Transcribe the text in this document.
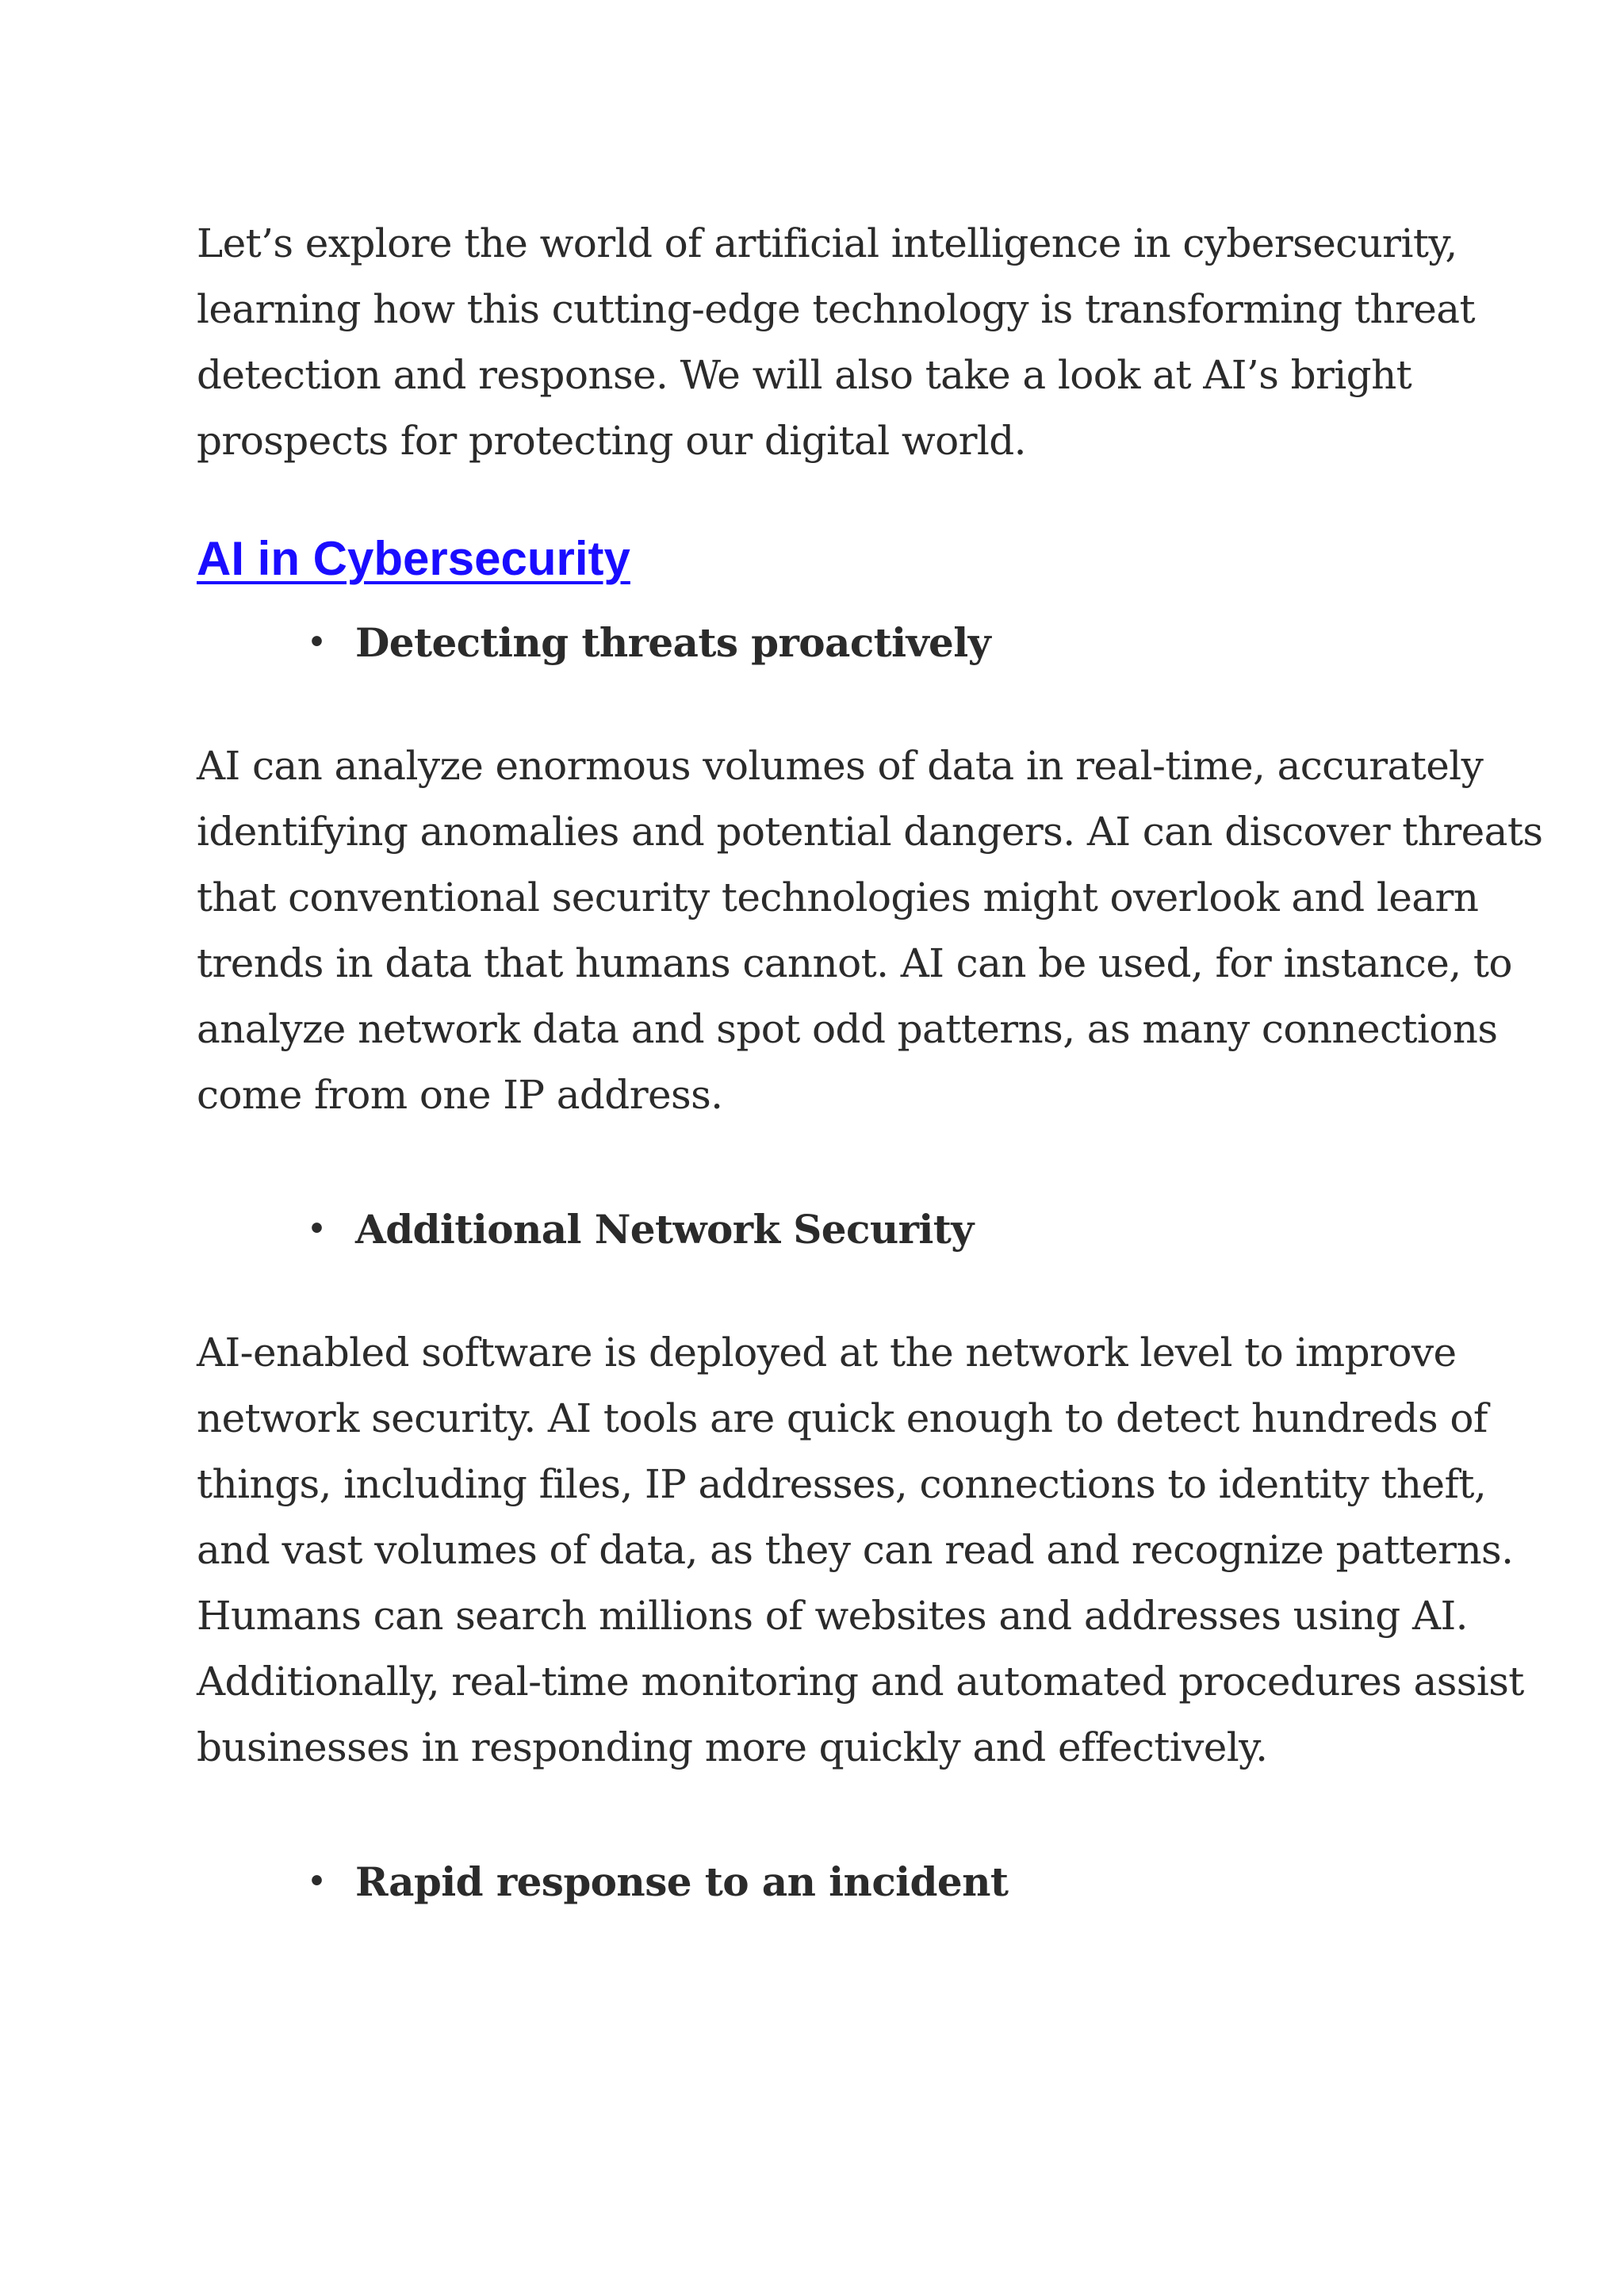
Let’s explore the world of artificial intelligence in cybersecurity,
learning how this cutting-edge technology is transforming threat
detection and response. We will also take a look at AI’s bright
prospects for protecting our digital world.

AI in Cybersecurity
• Detecting threats proactively

AI can analyze enormous volumes of data in real-time, accurately
identifying anomalies and potential dangers. AI can discover threats
that conventional security technologies might overlook and learn
trends in data that humans cannot. AI can be used, for instance, to
analyze network data and spot odd patterns, as many connections
come from one IP address.

• Additional Network Security

AI-enabled software is deployed at the network level to improve
network security. AI tools are quick enough to detect hundreds of
things, including files, IP addresses, connections to identity theft,
and vast volumes of data, as they can read and recognize patterns.
Humans can search millions of websites and addresses using AI.
Additionally, real-time monitoring and automated procedures assist
businesses in responding more quickly and effectively.

• Rapid response to an incident
